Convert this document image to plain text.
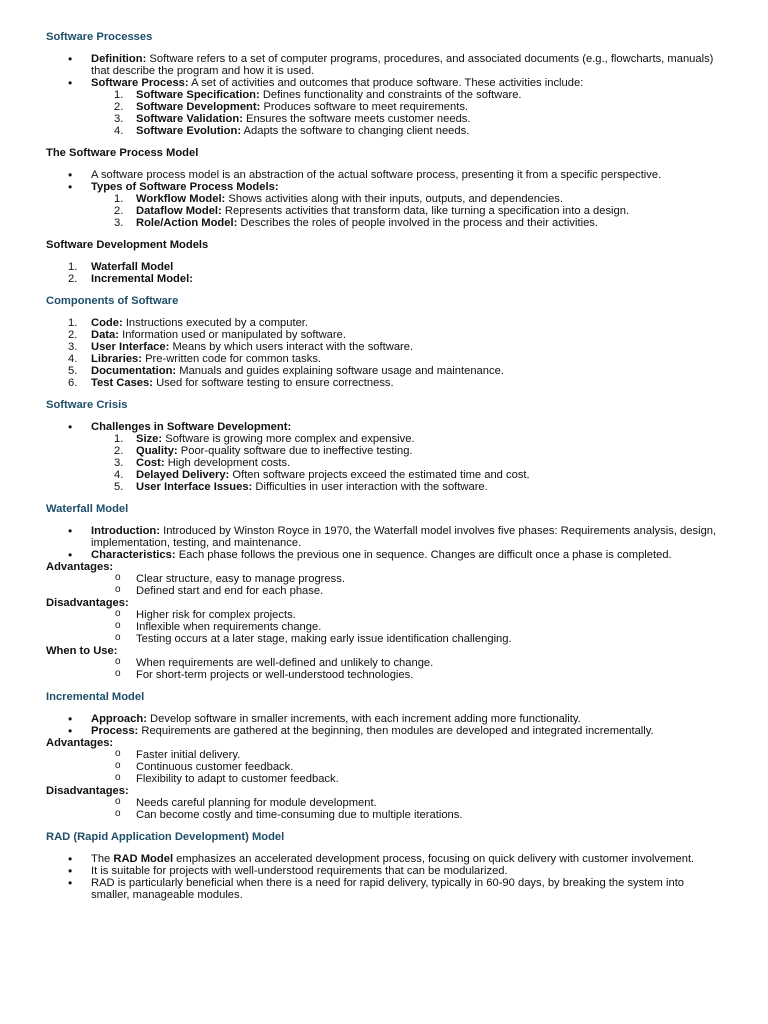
Software Processes
• Definition: Software refers to a set of computer programs, procedures, and associated documents (e.g., flowcharts, manuals) that describe the program and how it is used.
• Software Process: A set of activities and outcomes that produce software. These activities include:
1.	Software Specification: Defines functionality and constraints of the software.
2.	Software Development: Produces software to meet requirements.
3.	Software Validation: Ensures the software meets customer needs.
4.	Software Evolution: Adapts the software to changing client needs.
The Software Process Model
• A software process model is an abstraction of the actual software process, presenting it from a specific perspective.
• Types of Software Process Models:
1.	Workflow Model: Shows activities along with their inputs, outputs, and dependencies.
2.	Dataflow Model: Represents activities that transform data, like turning a specification into a design.
3.	Role/Action Model: Describes the roles of people involved in the process and their activities.
Software Development Models
1.	Waterfall Model
2.	Incremental Model:
Components of Software
1.	Code: Instructions executed by a computer.
2.	Data: Information used or manipulated by software.
3.	User Interface: Means by which users interact with the software.
4.	Libraries: Pre-written code for common tasks.
5.	Documentation: Manuals and guides explaining software usage and maintenance.
6.	Test Cases: Used for software testing to ensure correctness.
Software Crisis
• Challenges in Software Development:
1.	Size: Software is growing more complex and expensive.
2.	Quality: Poor-quality software due to ineffective testing.
3.	Cost: High development costs.
4.	Delayed Delivery: Often software projects exceed the estimated time and cost.
5.	User Interface Issues: Difficulties in user interaction with the software.
Waterfall Model
• Introduction: Introduced by Winston Royce in 1970, the Waterfall model involves five phases: Requirements analysis, design, implementation, testing, and maintenance.
• Characteristics: Each phase follows the previous one in sequence. Changes are difficult once a phase is completed.
Advantages:
o Clear structure, easy to manage progress.
o Defined start and end for each phase.
Disadvantages:
o Higher risk for complex projects.
o Inflexible when requirements change.
o Testing occurs at a later stage, making early issue identification challenging.
When to Use:
o When requirements are well-defined and unlikely to change.
o For short-term projects or well-understood technologies.
Incremental Model
• Approach: Develop software in smaller increments, with each increment adding more functionality.
• Process: Requirements are gathered at the beginning, then modules are developed and integrated incrementally.
Advantages:
o Faster initial delivery.
o Continuous customer feedback.
o Flexibility to adapt to customer feedback.
Disadvantages:
o Needs careful planning for module development.
o Can become costly and time-consuming due to multiple iterations.
RAD (Rapid Application Development) Model
• The RAD Model emphasizes an accelerated development process, focusing on quick delivery with customer involvement.
• It is suitable for projects with well-understood requirements that can be modularized.
• RAD is particularly beneficial when there is a need for rapid delivery, typically in 60-90 days, by breaking the system into smaller, manageable modules.
